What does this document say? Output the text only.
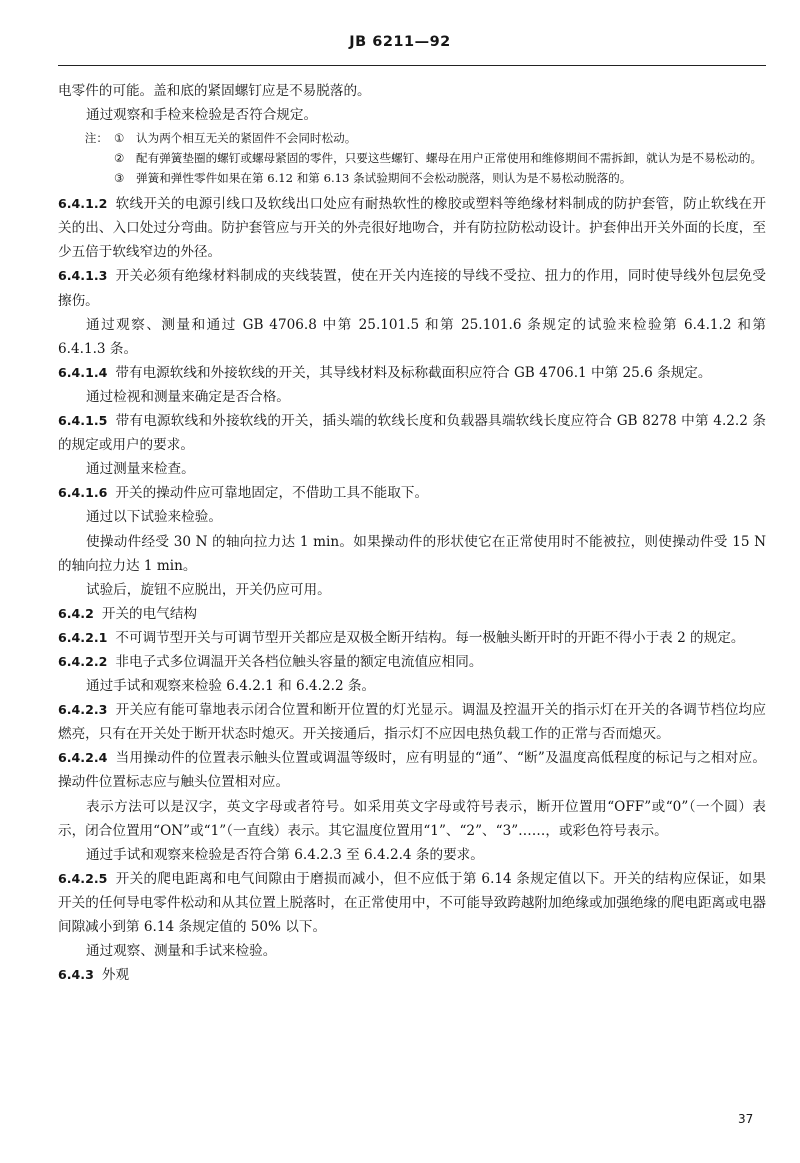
JB 6211—92

电零件的可能。盖和底的紧固螺钉应是不易脱落的。

通过观察和手检来检验是否符合规定。

注： ① 认为两个相互无关的紧固件不会同时松动。
② 配有弹簧垫圈的螺钉或螺母紧固的零件，只要这些螺钉、螺母在用户正常使用和维修期间不需拆卸，就认为是不易松动的。
③ 弹簧和弹性零件如果在第 6.12 和第 6.13 条试验期间不会松动脱落，则认为是不易松动脱落的。

6.4.1.2 软线开关的电源引线口及软线出口处应有耐热软性的橡胶或塑料等绝缘材料制成的防护套管，防止软线在开关的出、入口处过分弯曲。防护套管应与开关的外壳很好地吻合，并有防拉防松动设计。护套伸出开关外面的长度，至少五倍于软线窄边的外径。

6.4.1.3 开关必须有绝缘材料制成的夹线装置，使在开关内连接的导线不受拉、扭力的作用，同时使导线外包层免受擦伤。

通过观察、测量和通过 GB 4706.8 中第 25.101.5 和第 25.101.6 条规定的试验来检验第 6.4.1.2 和第 6.4.1.3 条。

6.4.1.4 带有电源软线和外接软线的开关，其导线材料及标称截面积应符合 GB 4706.1 中第 25.6 条规定。

通过检视和测量来确定是否合格。

6.4.1.5 带有电源软线和外接软线的开关，插头端的软线长度和负载器具端软线长度应符合 GB 8278 中第 4.2.2 条的规定或用户的要求。

通过测量来检查。

6.4.1.6 开关的操动件应可靠地固定，不借助工具不能取下。

通过以下试验来检验。

使操动件经受 30 N 的轴向拉力达 1 min。如果操动件的形状使它在正常使用时不能被拉，则使操动件受 15 N 的轴向拉力达 1 min。

试验后，旋钮不应脱出，开关仍应可用。

6.4.2 开关的电气结构

6.4.2.1 不可调节型开关与可调节型开关都应是双极全断开结构。每一极触头断开时的开距不得小于表 2 的规定。

6.4.2.2 非电子式多位调温开关各档位触头容量的额定电流值应相同。

通过手试和观察来检验 6.4.2.1 和 6.4.2.2 条。

6.4.2.3 开关应有能可靠地表示闭合位置和断开位置的灯光显示。调温及控温开关的指示灯在开关的各调节档位均应燃亮，只有在开关处于断开状态时熄灭。开关接通后，指示灯不应因电热负载工作的正常与否而熄灭。

6.4.2.4 当用操动件的位置表示触头位置或调温等级时，应有明显的“通”、“断”及温度高低程度的标记与之相对应。操动件位置标志应与触头位置相对应。

表示方法可以是汉字，英文字母或者符号。如采用英文字母或符号表示，断开位置用“OFF”或“0”（一个圆）表示，闭合位置用“ON”或“1”（一直线）表示。其它温度位置用“1”、“2”、“3”……，或彩色符号表示。

通过手试和观察来检验是否符合第 6.4.2.3 至 6.4.2.4 条的要求。

6.4.2.5 开关的爬电距离和电气间隙由于磨损而减小，但不应低于第 6.14 条规定值以下。开关的结构应保证，如果开关的任何导电零件松动和从其位置上脱落时，在正常使用中，不可能导致跨越附加绝缘或加强绝缘的爬电距离或电器间隙减小到第 6.14 条规定值的 50% 以下。

通过观察、测量和手试来检验。

6.4.3 外观

37
